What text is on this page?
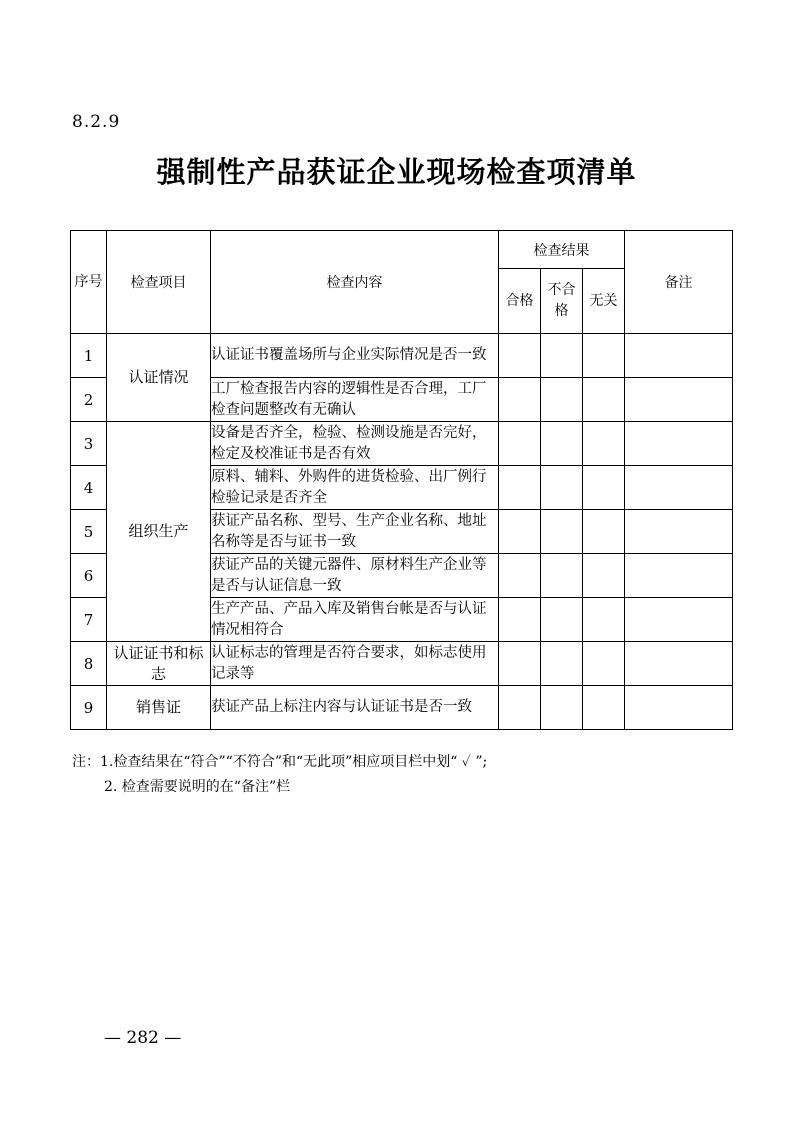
8.2.9
强制性产品获证企业现场检查项清单
序号	检查项目	检查内容	检查结果			备注
			合格	不合格	无关	
1	认证情况	认证证书覆盖场所与企业实际情况是否一致				
2		工厂检查报告内容的逻辑性是否合理，工厂检查问题整改有无确认				
3	组织生产	设备是否齐全，检验、检测设施是否完好，检定及校准证书是否有效				
4		原料、辅料、外购件的进货检验、出厂例行检验记录是否齐全				
5		获证产品名称、型号、生产企业名称、地址名称等是否与证书一致				
6		获证产品的关键元器件、原材料生产企业等是否与认证信息一致				
7		生产产品、产品入库及销售台帐是否与认证情况相符合				
8	认证证书和标志	认证标志的管理是否符合要求，如标志使用记录等				
9	销售证	获证产品上标注内容与认证证书是否一致				
注：1.检查结果在“符合”“不符合”和“无此项”相应项目栏中划“ ✓ ”;
2. 检查需要说明的在“备注”栏
— 282 —
